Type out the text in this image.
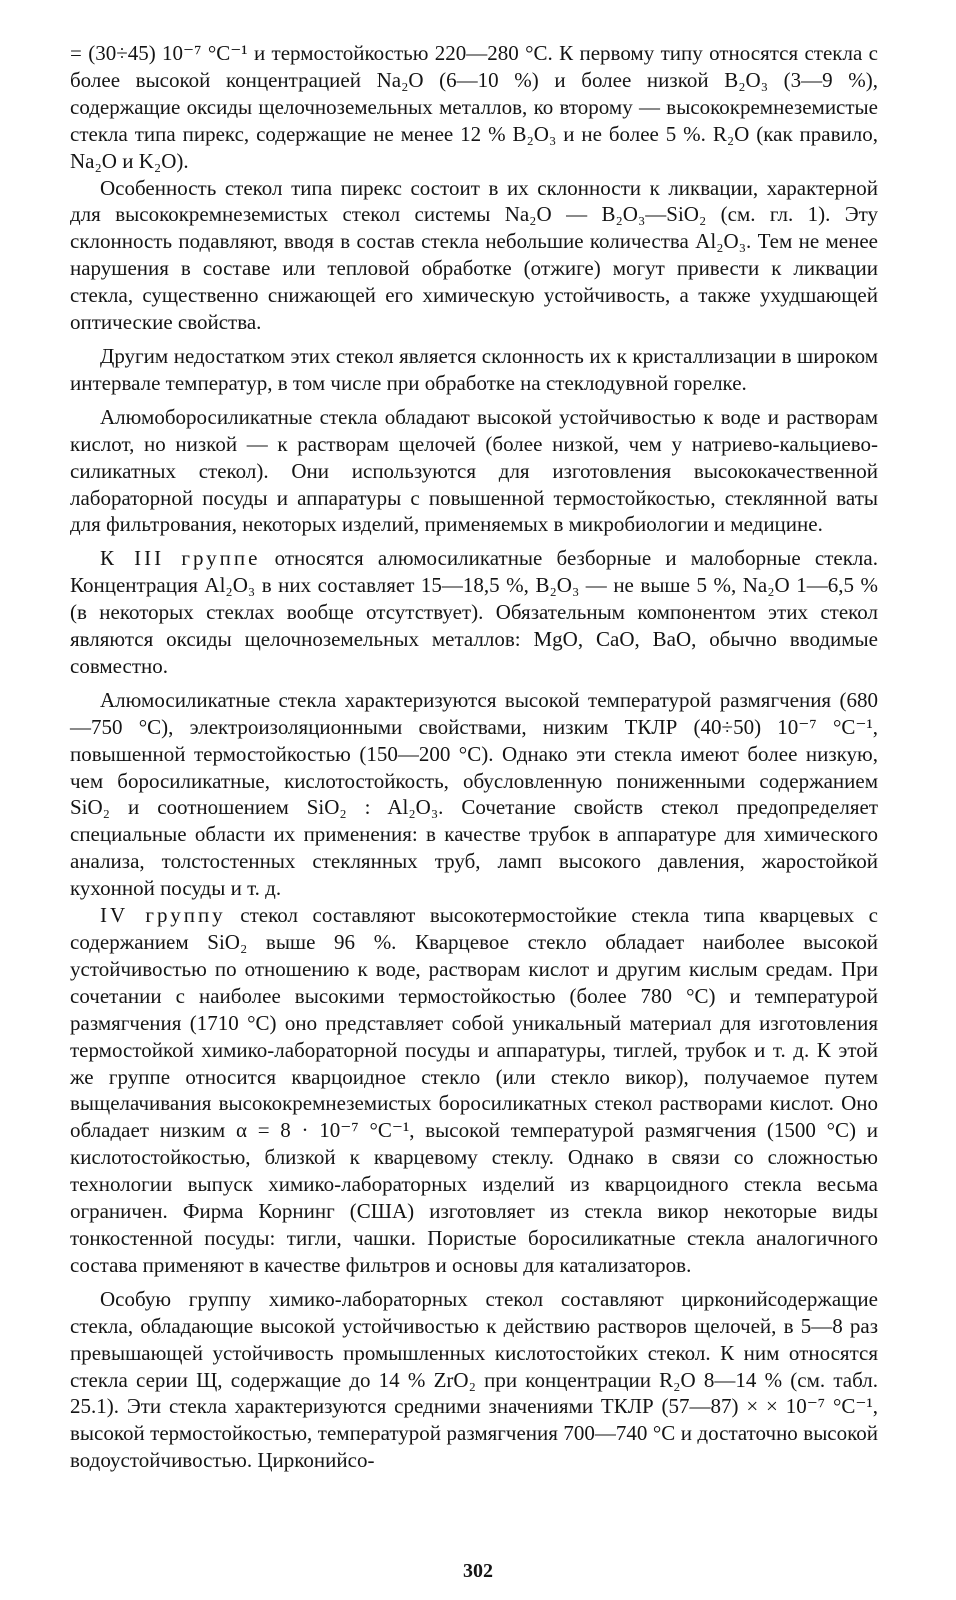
= (30÷45) 10⁻⁷ °C⁻¹ и термостойкостью 220—280 °C. К первому типу относятся стекла с более высокой концентрацией Na₂O (6—10 %) и более низкой B₂O₃ (3—9 %), содержащие оксиды щелочноземельных металлов, ко второму — высококремнеземистые стекла типа пирекс, содержащие не менее 12 % B₂O₃ и не более 5 %. R₂O (как правило, Na₂O и K₂O).

Особенность стекол типа пирекс состоит в их склонности к ликвации, характерной для высококремнеземистых стекол системы Na₂O — B₂O₃—SiO₂ (см. гл. 1). Эту склонность подавляют, вводя в состав стекла небольшие количества Al₂O₃. Тем не менее нарушения в составе или тепловой обработке (отжиге) могут привести к ликвации стекла, существенно снижающей его химическую устойчивость, а также ухудшающей оптические свойства.

Другим недостатком этих стекол является склонность их к кристаллизации в широком интервале температур, в том числе при обработке на стеклодувной горелке.

Алюмоборосиликатные стекла обладают высокой устойчивостью к воде и растворам кислот, но низкой — к растворам щелочей (более низкой, чем у натриево-кальциево-силикатных стекол). Они используются для изготовления высококачественной лабораторной посуды и аппаратуры с повышенной термостойкостью, стеклянной ваты для фильтрования, некоторых изделий, применяемых в микробиологии и медицине.

К III группе относятся алюмосиликатные безборные и малоборные стекла. Концентрация Al₂O₃ в них составляет 15—18,5 %, B₂O₃ — не выше 5 %, Na₂O 1—6,5 % (в некоторых стеклах вообще отсутствует). Обязательным компонентом этих стекол являются оксиды щелочноземельных металлов: MgO, CaO, BaO, обычно вводимые совместно.

Алюмосиликатные стекла характеризуются высокой температурой размягчения (680—750 °C), электроизоляционными свойствами, низким ТКЛР (40÷50) 10⁻⁷ °C⁻¹, повышенной термостойкостью (150—200 °C). Однако эти стекла имеют более низкую, чем боросиликатные, кислотостойкость, обусловленную пониженными содержанием SiO₂ и соотношением SiO₂ : Al₂O₃. Сочетание свойств стекол предопределяет специальные области их применения: в качестве трубок в аппаратуре для химического анализа, толстостенных стеклянных труб, ламп высокого давления, жаростойкой кухонной посуды и т. д.

IV группу стекол составляют высокотермостойкие стекла типа кварцевых с содержанием SiO₂ выше 96 %. Кварцевое стекло обладает наиболее высокой устойчивостью по отношению к воде, растворам кислот и другим кислым средам. При сочетании с наиболее высокими термостойкостью (более 780 °C) и температурой размягчения (1710 °C) оно представляет собой уникальный материал для изготовления термостойкой химико-лабораторной посуды и аппаратуры, тиглей, трубок и т. д. К этой же группе относится кварцоидное стекло (или стекло викор), получаемое путем выщелачивания высококремнеземистых боросиликатных стекол растворами кислот. Оно обладает низким α = 8 · 10⁻⁷ °C⁻¹, высокой температурой размягчения (1500 °C) и кислотостойкостью, близкой к кварцевому стеклу. Однако в связи со сложностью технологии выпуск химико-лабораторных изделий из кварцоидного стекла весьма ограничен. Фирма Корнинг (США) изготовляет из стекла викор некоторые виды тонкостенной посуды: тигли, чашки. Пористые боросиликатные стекла аналогичного состава применяют в качестве фильтров и основы для катализаторов.

Особую группу химико-лабораторных стекол составляют цирконийсодержащие стекла, обладающие высокой устойчивостью к действию растворов щелочей, в 5—8 раз превышающей устойчивость промышленных кислотостойких стекол. К ним относятся стекла серии Щ, содержащие до 14 % ZrO₂ при концентрации R₂O 8—14 % (см. табл. 25.1). Эти стекла характеризуются средними значениями ТКЛР (57—87) × × 10⁻⁷ °C⁻¹, высокой термостойкостью, температурой размягчения 700—740 °C и достаточно высокой водоустойчивостью. Цирконийсо-

302
